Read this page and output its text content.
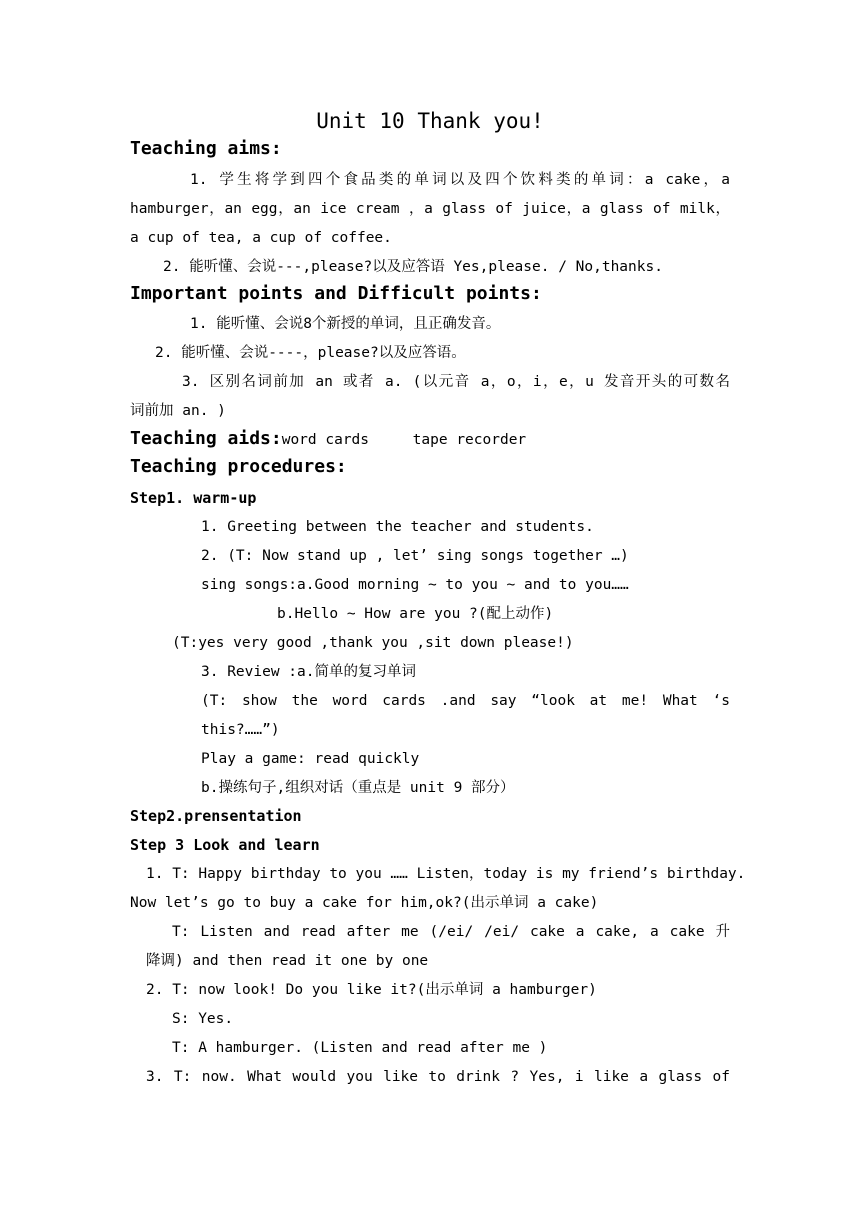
Unit 10 Thank you!
Teaching aims:
1. 学生将学到四个食品类的单词以及四个饮料类的单词：a cake，a
hamburger，an egg，an ice cream ，a glass of juice，a glass of milk，
a cup of tea, a cup of coffee.
2. 能听懂、会说---,please?以及应答语 Yes,please. / No,thanks.
Important points and Difficult points:
1. 能听懂、会说8个新授的单词，且正确发音。
2. 能听懂、会说----，please?以及应答语。
3. 区别名词前加 an 或者 a. (以元音 a，o，i，e，u 发音开头的可数名
词前加 an. )
Teaching aids:word cards     tape recorder
Teaching procedures:
Step1. warm-up
1. Greeting between the teacher and students.
2. (T: Now stand up , let’ sing songs together …)
sing songs:a.Good morning ~ to you ~ and to you……
b.Hello ~ How are you ?(配上动作)
(T:yes very good ,thank you ,sit down please!)
3. Review :a.简单的复习单词
(T: show the word cards .and say “look at me! What ‘s
this?……”)
Play a game: read quickly
b.操练句子,组织对话（重点是 unit 9 部分）
Step2.prensentation
Step 3 Look and learn
1. T: Happy birthday to you …… Listen，today is my friend’s birthday.
Now let’s go to buy a cake for him,ok?(出示单词 a cake)
T: Listen and read after me (/ei/ /ei/ cake a cake, a cake 升
降调) and then read it one by one
2. T: now look! Do you like it?(出示单词 a hamburger)
S: Yes.
T: A hamburger. (Listen and read after me )
3. T: now. What would you like to drink ? Yes, i like a glass of
